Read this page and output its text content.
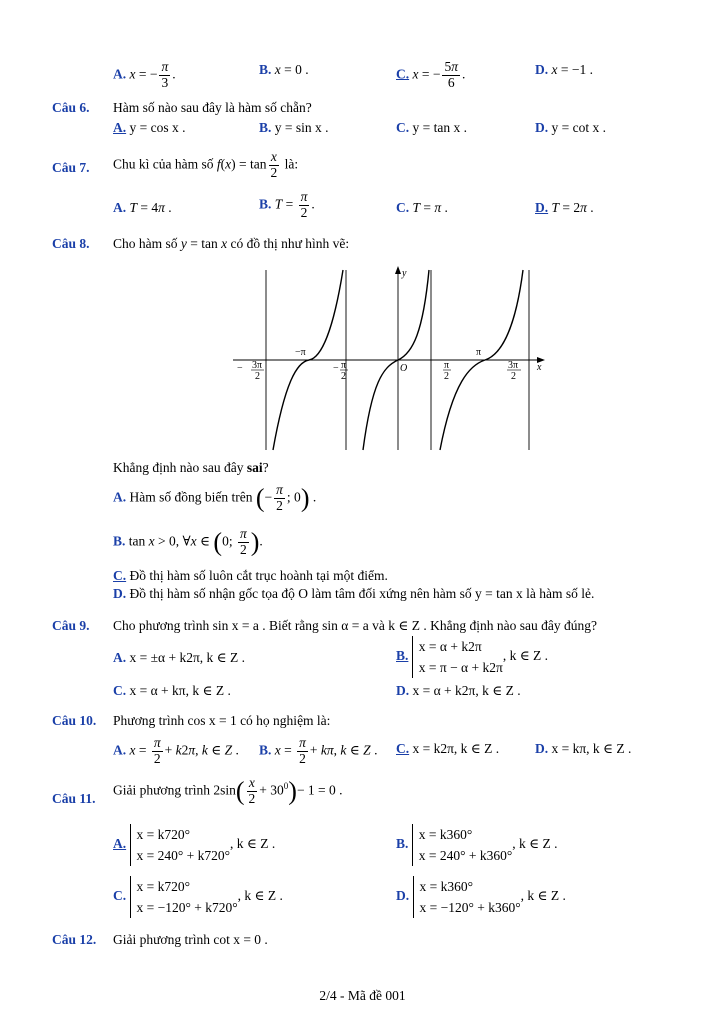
A. x = − $\frac{\pi}{3}$ .	B. x = 0 .	C. x = − $\frac{5\pi}{6}$ .	D. x = −1 .
Câu 6. Hàm số nào sau đây là hàm số chẵn?
A. y = cos x .	B. y = sin x .	C. y = tan x .	D. y = cot x .
Câu 7. Chu kì của hàm số $f(x) = \tan \frac{x}{2}$ là:
A. T = 4π .	B. $T = \frac{\pi}{2}$ .	C. T = π .	D. T = 2π .
Câu 8. Cho hàm số y = tan x có đồ thị như hình vẽ:
y
x
O
−π	π
− 3π
2
− π
2
π
2
3π
2
Khẳng định nào sau đây sai?
A. Hàm số đồng biến trên (− $\frac{\pi}{2}$ ; 0) .
B. tan x > 0, ∀x ∈ (0; $\frac{\pi}{2}$ ).
C. Đồ thị hàm số luôn cắt trục hoành tại một điểm.
D. Đồ thị hàm số nhận gốc tọa độ O làm tâm đối xứng nên hàm số y = tan x là hàm số lẻ.
Câu 9. Cho phương trình sin x = a . Biết rằng sin α = a và k ∈ Z . Khẳng định nào sau đây đúng?
A. x = ±α + k2π, k ∈ Z .	B.
x = α + k2π
x = π − α + k2π
, k ∈ Z .
C. x = α + kπ, k ∈ Z .	D. x = α + k2π, k ∈ Z .
Câu 10. Phương trình cos x = 1 có họ nghiệm là:
A. $x = \frac{\pi}{2} + k2\pi$, k ∈ Z . B. $x = \frac{\pi}{2} + k\pi$, k ∈ Z . C. x = k2π, k ∈ Z .	D. x = kπ, k ∈ Z .
Câu 11.
Giải phương trình $2\sin( \frac{x}{2} + 30^0)- 1 = 0$ .
A.
x = k720°
x = 240° + k720°
, k ∈ Z .	B.
x = k360°
x = 240° + k360°
, k ∈ Z .
C.
x = k720°
x = −120° + k720°
, k ∈ Z .	D.
x = k360°
x = −120° + k360°
, k ∈ Z .
Câu 12. Giải phương trình cot x = 0 .
2/4 - Mã đề 001
